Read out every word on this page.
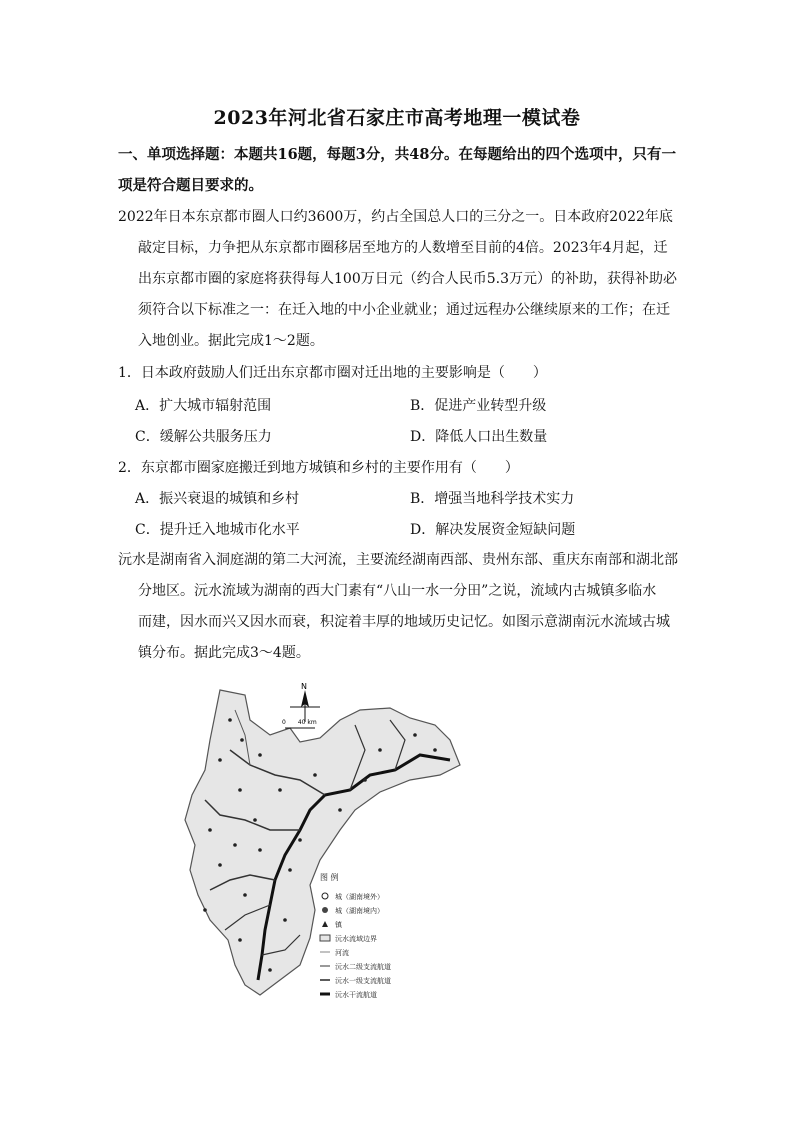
2023年河北省石家庄市高考地理一模试卷
一、单项选择题：本题共16题，每题3分，共48分。在每题给出的四个选项中，只有一
项是符合题目要求的。
2022年日本东京都市圈人口约3600万，约占全国总人口的三分之一。日本政府2022年底
敲定目标，力争把从东京都市圈移居至地方的人数增至目前的4倍。2023年4月起，迁
出东京都市圈的家庭将获得每人100万日元（约合人民币5.3万元）的补助，获得补助必
须符合以下标准之一：在迁入地的中小企业就业；通过远程办公继续原来的工作；在迁
入地创业。据此完成1～2题。
1．日本政府鼓励人们迁出东京都市圈对迁出地的主要影响是（　　）
A．扩大城市辐射范围	B．促进产业转型升级
C．缓解公共服务压力	D．降低人口出生数量
2．东京都市圈家庭搬迁到地方城镇和乡村的主要作用有（　　）
A．振兴衰退的城镇和乡村	B．增强当地科学技术实力
C．提升迁入地城市化水平	D．解决发展资金短缺问题
沅水是湖南省入洞庭湖的第二大河流，主要流经湖南西部、贵州东部、重庆东南部和湖北部
分地区。沅水流域为湖南的西大门素有“八山一水一分田”之说，流域内古城镇多临水
而建，因水而兴又因水而衰，积淀着丰厚的地域历史记忆。如图示意湖南沅水流域古城
镇分布。据此完成3～4题。
N
0　　40 km
图 例
城（湖南境外）
城（湖南境内）
镇
沅水流域边界
河流
沅水二级支流航道
沅水一级支流航道
沅水干流航道
